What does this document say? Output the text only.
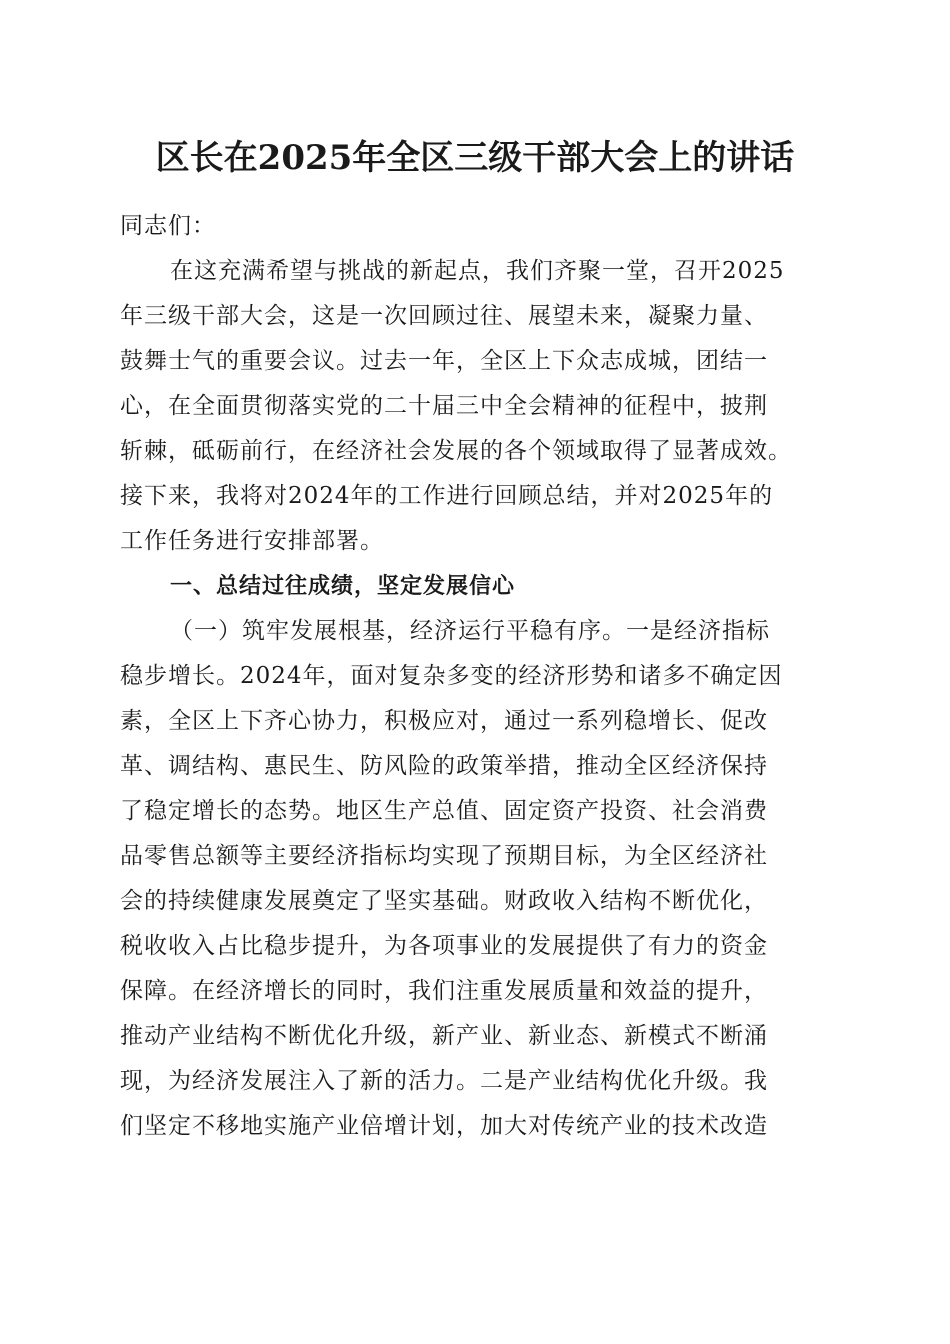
区长在2025年全区三级干部大会上的讲话
同志们：
在这充满希望与挑战的新起点，我们齐聚一堂，召开2025
年三级干部大会，这是一次回顾过往、展望未来，凝聚力量、
鼓舞士气的重要会议。过去一年，全区上下众志成城，团结一
心，在全面贯彻落实党的二十届三中全会精神的征程中，披荆
斩棘，砥砺前行，在经济社会发展的各个领域取得了显著成效。
接下来，我将对2024年的工作进行回顾总结，并对2025年的
工作任务进行安排部署。
一、总结过往成绩，坚定发展信心
（一）筑牢发展根基，经济运行平稳有序。一是经济指标
稳步增长。2024年，面对复杂多变的经济形势和诸多不确定因
素，全区上下齐心协力，积极应对，通过一系列稳增长、促改
革、调结构、惠民生、防风险的政策举措，推动全区经济保持
了稳定增长的态势。地区生产总值、固定资产投资、社会消费
品零售总额等主要经济指标均实现了预期目标，为全区经济社
会的持续健康发展奠定了坚实基础。财政收入结构不断优化，
税收收入占比稳步提升，为各项事业的发展提供了有力的资金
保障。在经济增长的同时，我们注重发展质量和效益的提升，
推动产业结构不断优化升级，新产业、新业态、新模式不断涌
现，为经济发展注入了新的活力。二是产业结构优化升级。我
们坚定不移地实施产业倍增计划，加大对传统产业的技术改造
